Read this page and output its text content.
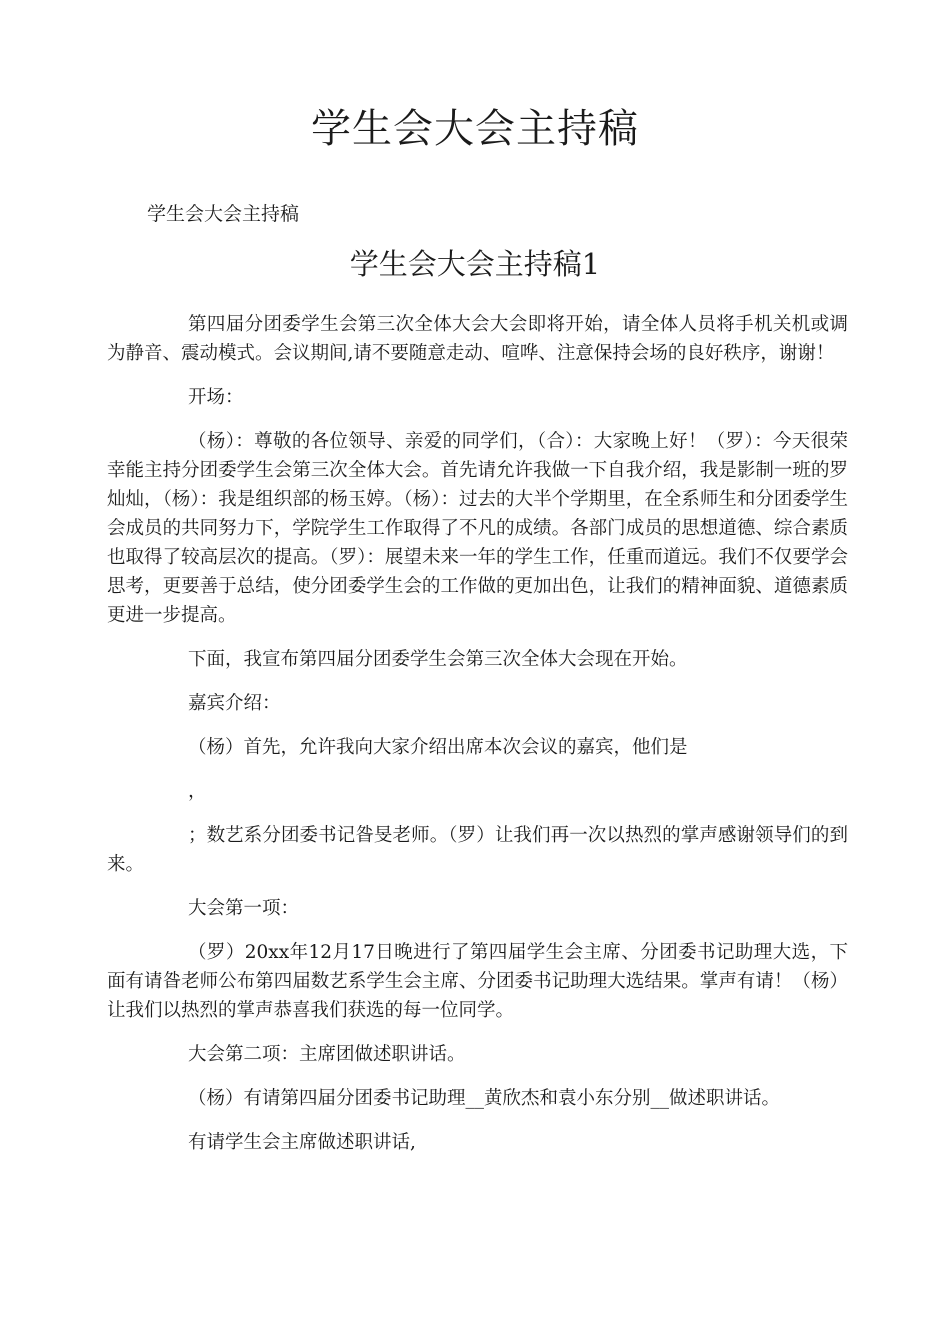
学生会大会主持稿
学生会大会主持稿
学生会大会主持稿1

第四届分团委学生会第三次全体大会大会即将开始，请全体人员将手机关机或调为静音、震动模式。会议期间,请不要随意走动、喧哗、注意保持会场的良好秩序，谢谢！

开场：

（杨）：尊敬的各位领导、亲爱的同学们，（合）：大家晚上好！（罗）：今天很荣幸能主持分团委学生会第三次全体大会。首先请允许我做一下自我介绍，我是影制一班的罗灿灿，（杨）：我是组织部的杨玉婷。（杨）：过去的大半个学期里，在全系师生和分团委学生会成员的共同努力下，学院学生工作取得了不凡的成绩。各部门成员的思想道德、综合素质也取得了较高层次的提高。（罗）：展望未来一年的学生工作，任重而道远。我们不仅要学会思考，更要善于总结，使分团委学生会的工作做的更加出色，让我们的精神面貌、道德素质更进一步提高。

下面，我宣布第四届分团委学生会第三次全体大会现在开始。

嘉宾介绍：

（杨）首先，允许我向大家介绍出席本次会议的嘉宾，他们是

，

；数艺系分团委书记昝旻老师。（罗）让我们再一次以热烈的掌声感谢领导们的到来。

大会第一项：

（罗）20xx年12月17日晚进行了第四届学生会主席、分团委书记助理大选，下面有请昝老师公布第四届数艺系学生会主席、分团委书记助理大选结果。掌声有请！（杨）让我们以热烈的掌声恭喜我们获选的每一位同学。

大会第二项：主席团做述职讲话。

（杨）有请第四届分团委书记助理__黄欣杰和袁小东分别__做述职讲话。

有请学生会主席做述职讲话,
